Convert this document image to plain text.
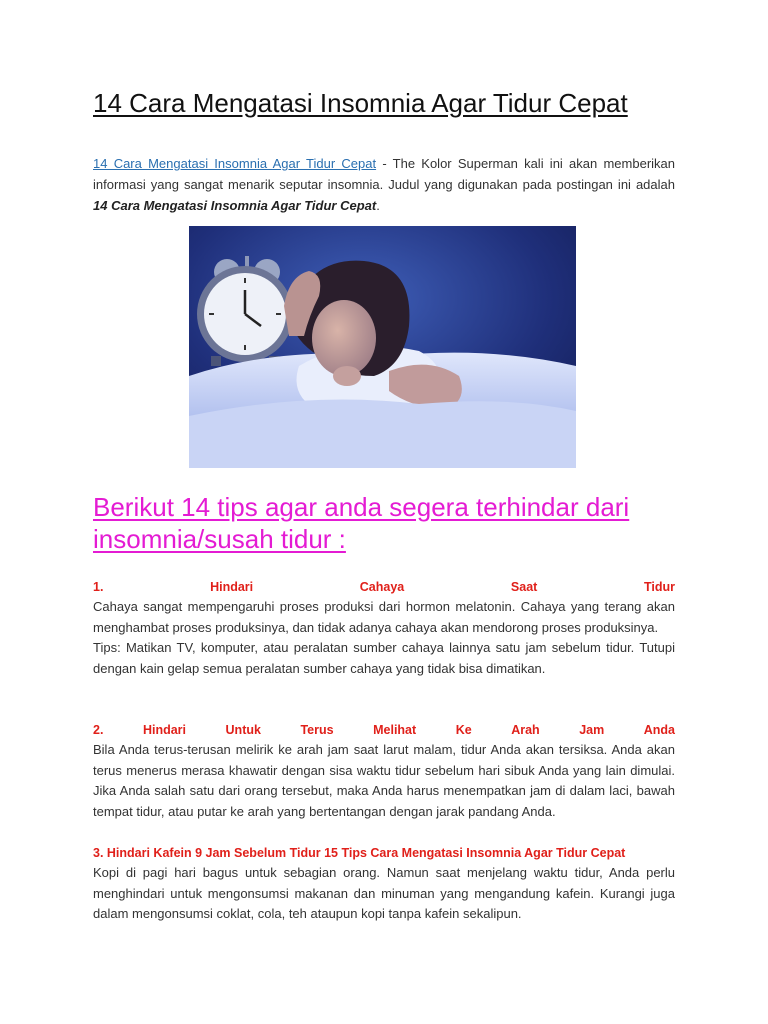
14 Cara Mengatasi Insomnia Agar Tidur Cepat

14 Cara Mengatasi Insomnia Agar Tidur Cepat - The Kolor Superman kali ini akan memberikan informasi yang sangat menarik seputar insomnia. Judul yang digunakan pada postingan ini adalah 14 Cara Mengatasi Insomnia Agar Tidur Cepat.

Berikut 14 tips agar anda segera terhindar dari insomnia/susah tidur :

1.	Hindari	Cahaya	Saat	Tidur

Cahaya sangat mempengaruhi proses produksi dari hormon melatonin. Cahaya yang terang akan menghambat proses produksinya, dan tidak adanya cahaya akan mendorong proses produksinya.

Tips: Matikan TV, komputer, atau peralatan sumber cahaya lainnya satu jam sebelum tidur. Tutupi dengan kain gelap semua peralatan sumber cahaya yang tidak bisa dimatikan.

2.	Hindari	Untuk	Terus	Melihat	Ke	Arah	Jam	Anda

Bila Anda terus-terusan melirik ke arah jam saat larut malam, tidur Anda akan tersiksa. Anda akan terus menerus merasa khawatir dengan sisa waktu tidur sebelum hari sibuk Anda yang lain dimulai. Jika Anda salah satu dari orang tersebut, maka Anda harus menempatkan jam di dalam laci, bawah tempat tidur, atau putar ke arah yang bertentangan dengan jarak pandang Anda.

3. Hindari Kafein 9 Jam Sebelum Tidur 15 Tips Cara Mengatasi Insomnia Agar Tidur Cepat

Kopi di pagi hari bagus untuk sebagian orang. Namun saat menjelang waktu tidur, Anda perlu menghindari untuk mengonsumsi makanan dan minuman yang mengandung kafein. Kurangi juga dalam mengonsumsi coklat, cola, teh ataupun kopi tanpa kafein sekalipun.
